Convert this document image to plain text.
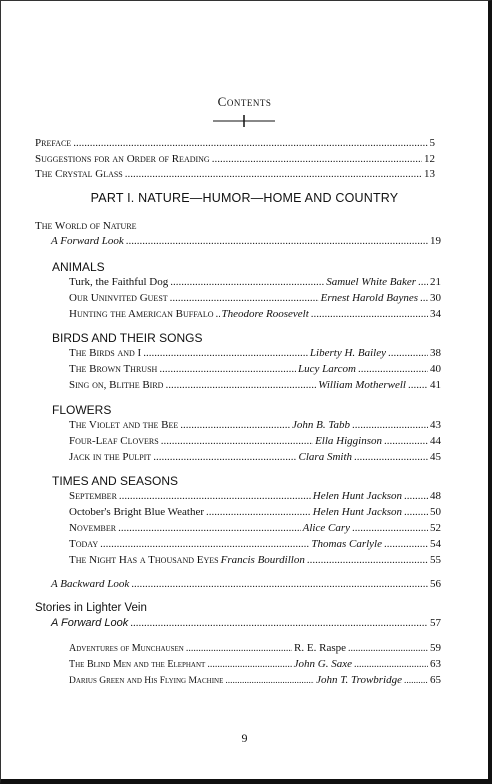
Contents
Preface .....	5
Suggestions for an Order of Reading .....	12
The Crystal Glass .....	13
PART I. NATURE—HUMOR—HOME AND COUNTRY
The World of Nature
A Forward Look .....	19
ANIMALS
Turk, the Faithful Dog .....	Samuel White Baker ..... 21
Our Uninvited Guest .....	Ernest Harold Baynes ..... 30
Hunting the American Buffalo ..... Theodore Roosevelt .....	34
BIRDS AND THEIR SONGS
The Birds and I .....	Liberty H. Bailey .....	38
The Brown Thrush .....	Lucy Larcom .....	40
Sing on, Blithe Bird .....	William Motherwell ..... 41
FLOWERS
The Violet and the Bee .....	John B. Tabb .....	43
Four-Leaf Clovers .....	Ella Higginson .....	44
Jack in the Pulpit .....	Clara Smith .....	45
TIMES AND SEASONS
September .....	Helen Hunt Jackson .....	48
October's Bright Blue Weather .....	Helen Hunt Jackson .....	50
November .....	Alice Cary .....	52
Today .....	Thomas Carlyle .....	54
The Night Has a Thousand Eyes Francis Bourdillon .....	55
A Backward Look .....	56
Stories in Lighter Vein
A Forward Look .....	57
Adventures of Munchausen .....	R. E. Raspe .....	59
The Blind Men and the Elephant .....	John G. Saxe .....	63
Darius Green and His Flying Machine .....	John T. Trowbridge .....	65
9
